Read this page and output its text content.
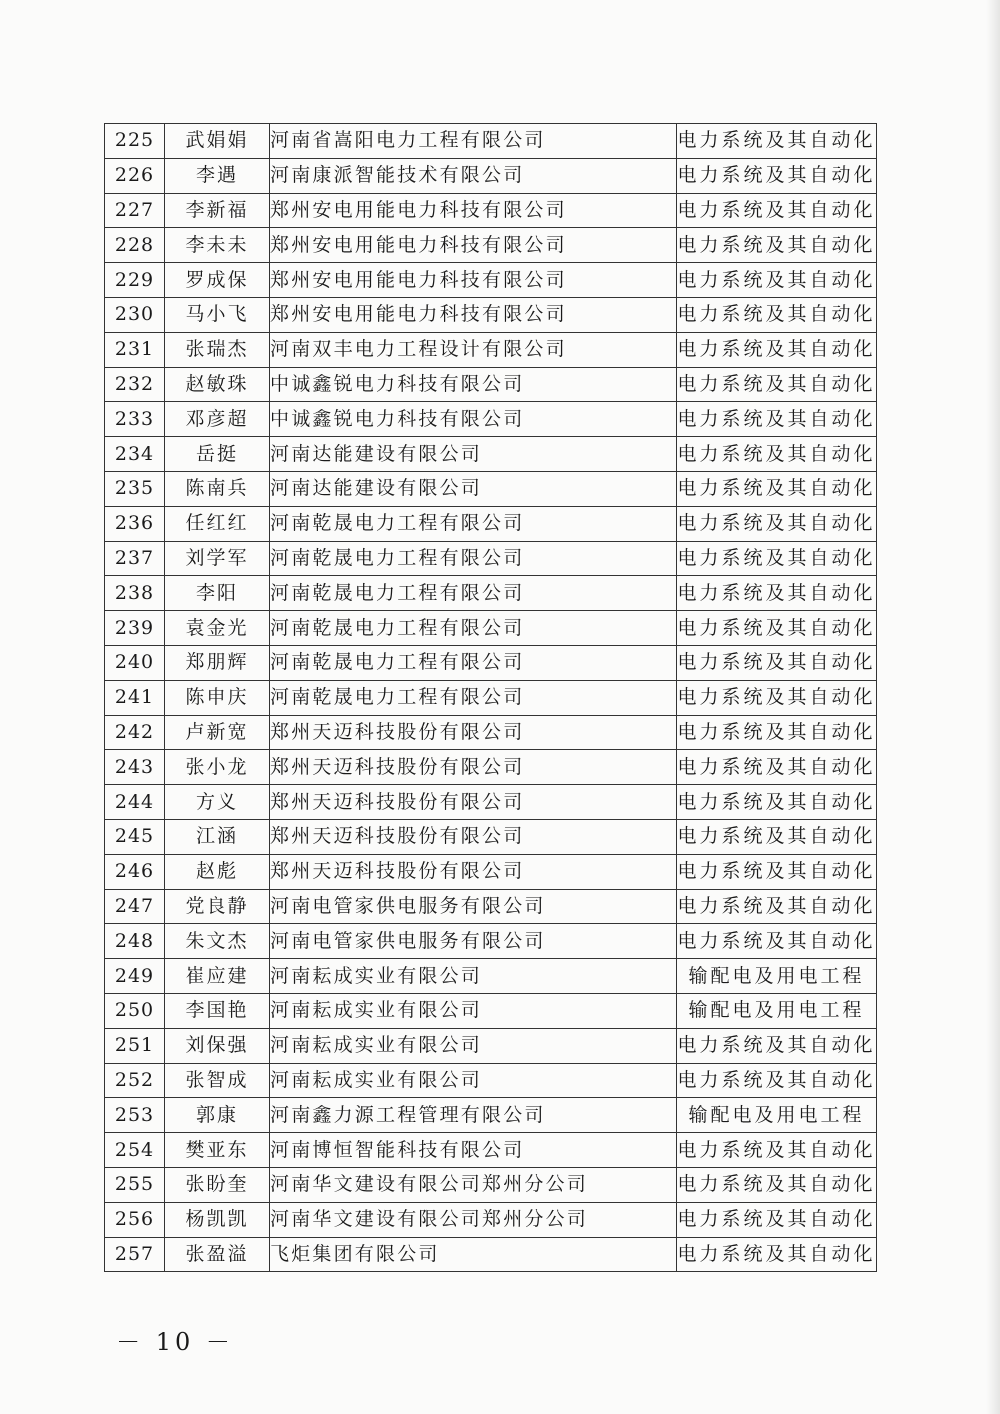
225	武娟娟	河南省嵩阳电力工程有限公司	电力系统及其自动化
226	李遇	河南康派智能技术有限公司	电力系统及其自动化
227	李新福	郑州安电用能电力科技有限公司	电力系统及其自动化
228	李未未	郑州安电用能电力科技有限公司	电力系统及其自动化
229	罗成保	郑州安电用能电力科技有限公司	电力系统及其自动化
230	马小飞	郑州安电用能电力科技有限公司	电力系统及其自动化
231	张瑞杰	河南双丰电力工程设计有限公司	电力系统及其自动化
232	赵敏珠	中诚鑫锐电力科技有限公司	电力系统及其自动化
233	邓彦超	中诚鑫锐电力科技有限公司	电力系统及其自动化
234	岳挺	河南达能建设有限公司	电力系统及其自动化
235	陈南兵	河南达能建设有限公司	电力系统及其自动化
236	任红红	河南乾晟电力工程有限公司	电力系统及其自动化
237	刘学军	河南乾晟电力工程有限公司	电力系统及其自动化
238	李阳	河南乾晟电力工程有限公司	电力系统及其自动化
239	袁金光	河南乾晟电力工程有限公司	电力系统及其自动化
240	郑朋辉	河南乾晟电力工程有限公司	电力系统及其自动化
241	陈申庆	河南乾晟电力工程有限公司	电力系统及其自动化
242	卢新宽	郑州天迈科技股份有限公司	电力系统及其自动化
243	张小龙	郑州天迈科技股份有限公司	电力系统及其自动化
244	方义	郑州天迈科技股份有限公司	电力系统及其自动化
245	江涵	郑州天迈科技股份有限公司	电力系统及其自动化
246	赵彪	郑州天迈科技股份有限公司	电力系统及其自动化
247	党良静	河南电管家供电服务有限公司	电力系统及其自动化
248	朱文杰	河南电管家供电服务有限公司	电力系统及其自动化
249	崔应建	河南耘成实业有限公司	输配电及用电工程
250	李国艳	河南耘成实业有限公司	输配电及用电工程
251	刘保强	河南耘成实业有限公司	电力系统及其自动化
252	张智成	河南耘成实业有限公司	电力系统及其自动化
253	郭康	河南鑫力源工程管理有限公司	输配电及用电工程
254	樊亚东	河南博恒智能科技有限公司	电力系统及其自动化
255	张盼奎	河南华文建设有限公司郑州分公司	电力系统及其自动化
256	杨凯凯	河南华文建设有限公司郑州分公司	电力系统及其自动化
257	张盈溢	飞炬集团有限公司	电力系统及其自动化
－ 10 －
